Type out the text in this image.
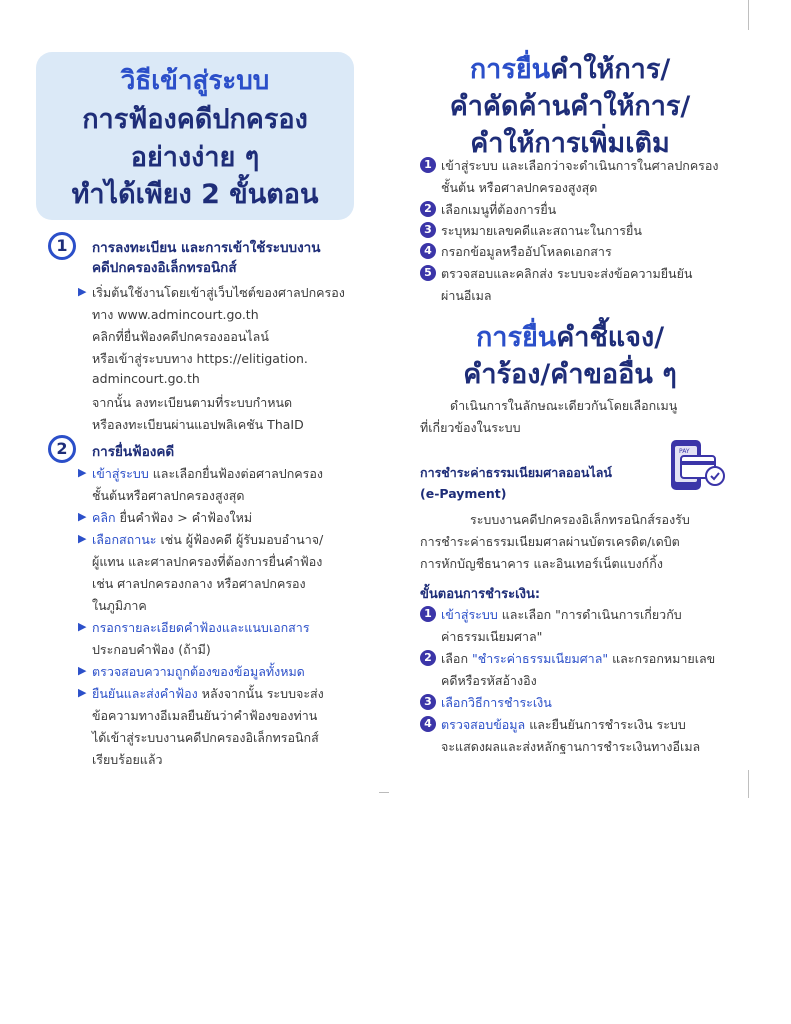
วิธีเข้าสู่ระบบ
การฟ้องคดีปกครอง
อย่างง่าย ๆ
ทำได้เพียง 2 ขั้นตอน
1	การลงทะเบียน และการเข้าใช้ระบบงาน
คดีปกครองอิเล็กทรอนิกส์
▶ เริ่มต้นใช้งานโดยเข้าสู่เว็บไซต์ของศาลปกครอง
ทาง www.admincourt.go.th
คลิกที่ยื่นฟ้องคดีปกครองออนไลน์
หรือเข้าสู่ระบบทาง https://elitigation.
admincourt.go.th
จากนั้น ลงทะเบียนตามที่ระบบกำหนด
หรือลงทะเบียนผ่านแอปพลิเคชัน ThaID
2	การยื่นฟ้องคดี
▶ เข้าสู่ระบบ และเลือกยื่นฟ้องต่อศาลปกครอง
ชั้นต้นหรือศาลปกครองสูงสุด
▶ คลิก ยื่นคำฟ้อง > คำฟ้องใหม่
▶ เลือกสถานะ เช่น ผู้ฟ้องคดี ผู้รับมอบอำนาจ/
ผู้แทน และศาลปกครองที่ต้องการยื่นคำฟ้อง
เช่น ศาลปกครองกลาง หรือศาลปกครอง
ในภูมิภาค
▶ กรอกรายละเอียดคำฟ้องและแนบเอกสาร
ประกอบคำฟ้อง (ถ้ามี)
▶ ตรวจสอบความถูกต้องของข้อมูลทั้งหมด
▶ ยืนยันและส่งคำฟ้อง หลังจากนั้น ระบบจะส่ง
ข้อความทางอีเมลยืนยันว่าคำฟ้องของท่าน
ได้เข้าสู่ระบบงานคดีปกครองอิเล็กทรอนิกส์
เรียบร้อยแล้ว
การยื่นคำให้การ/
คำคัดค้านคำให้การ/
คำให้การเพิ่มเติม
1 เข้าสู่ระบบ และเลือกว่าจะดำเนินการในศาลปกครอง
ชั้นต้น หรือศาลปกครองสูงสุด
2 เลือกเมนูที่ต้องการยื่น
3 ระบุหมายเลขคดีและสถานะในการยื่น
4 กรอกข้อมูลหรืออัปโหลดเอกสาร
5 ตรวจสอบและคลิกส่ง ระบบจะส่งข้อความยืนยัน
ผ่านอีเมล
การยื่นคำชี้แจง/
คำร้อง/คำขออื่น ๆ
ดำเนินการในลักษณะเดียวกันโดยเลือกเมนู
ที่เกี่ยวข้องในระบบ
PAY
การชำระค่าธรรมเนียมศาลออนไลน์
(e-Payment)
ระบบงานคดีปกครองอิเล็กทรอนิกส์รองรับ
การชำระค่าธรรมเนียมศาลผ่านบัตรเครดิต/เดบิต
การหักบัญชีธนาคาร และอินเทอร์เน็ตแบงก์กิ้ง
ขั้นตอนการชำระเงิน:
1 เข้าสู่ระบบ และเลือก "การดำเนินการเกี่ยวกับ
ค่าธรรมเนียมศาล"
2 เลือก "ชำระค่าธรรมเนียมศาล" และกรอกหมายเลข
คดีหรือรหัสอ้างอิง
3 เลือกวิธีการชำระเงิน
4 ตรวจสอบข้อมูล และยืนยันการชำระเงิน ระบบ
จะแสดงผลและส่งหลักฐานการชำระเงินทางอีเมล
